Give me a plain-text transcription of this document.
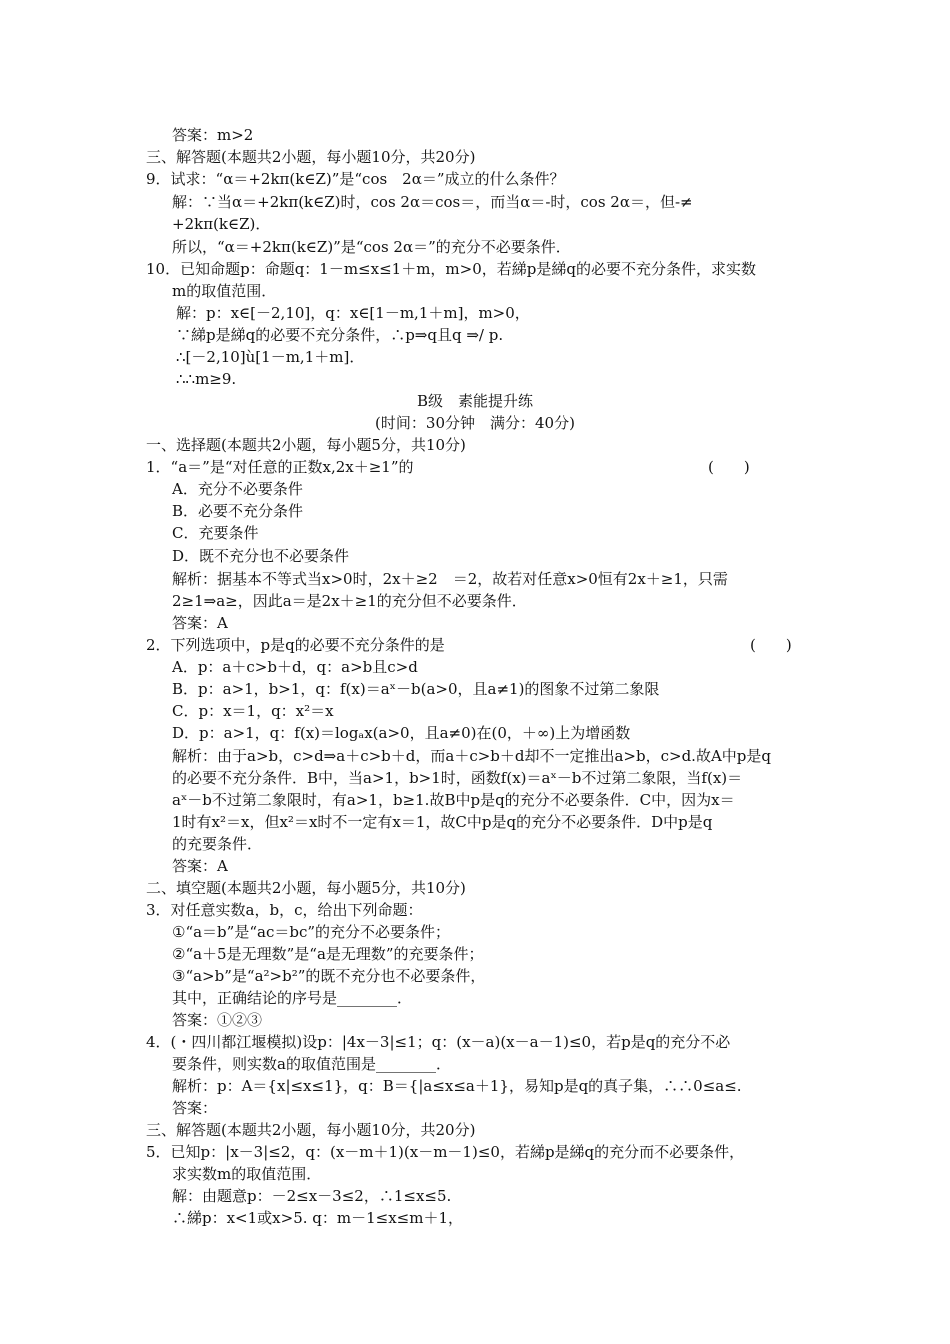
答案：m>2
三、解答题(本题共2小题，每小题10分，共20分)
9．试求：“α＝+2kπ(k∈Z)”是“cos　2α＝”成立的什么条件？
解：∵当α＝+2kπ(k∈Z)时，cos 2α＝cos＝，而当α＝-时，cos 2α＝，但-≠
+2kπ(k∈Z)．
所以，“α＝+2kπ(k∈Z)”是“cos 2α＝”的充分不必要条件．
10．已知命题p：命题q：1－m≤x≤1＋m，m>0，若綈p是綈q的必要不充分条件，求实数
m的取值范围．
解：p：x∈[－2,10]，q：x∈[1－m,1＋m]，m>0，
∵綈p是綈q的必要不充分条件，∴p⇒q且q ⇒/ p.
∴[－2,10]ù[1－m,1＋m]．
∴∴m≥9.
B级　素能提升练
(时间：30分钟　满分：40分)
一、选择题(本题共2小题，每小题5分，共10分)
1．“a＝”是“对任意的正数x,2x＋≥1”的	(　　)
A．充分不必要条件
B．必要不充分条件
C．充要条件
D．既不充分也不必要条件
解析：据基本不等式当x>0时，2x＋≥2　＝2，故若对任意x>0恒有2x＋≥1，只需
2≥1⇒a≥，因此a＝是2x＋≥1的充分但不必要条件．
答案：A
2．下列选项中，p是q的必要不充分条件的是	(　　)
A．p：a＋c>b＋d，q：a>b且c>d
B．p：a>1，b>1，q：f(x)＝aˣ－b(a>0，且a≠1)的图象不过第二象限
C．p：x＝1，q：x²＝x
D．p：a>1，q：f(x)＝logₐx(a>0，且a≠0)在(0，＋∞)上为增函数
解析：由于a>b，c>d⇒a＋c>b＋d，而a＋c>b＋d却不一定推出a>b，c>d.故A中p是q
的必要不充分条件．B中，当a>1，b>1时，函数f(x)＝aˣ－b不过第二象限，当f(x)＝
aˣ－b不过第二象限时，有a>1，b≥1.故B中p是q的充分不必要条件．C中，因为x＝
1时有x²＝x，但x²＝x时不一定有x＝1，故C中p是q的充分不必要条件．D中p是q
的充要条件．
答案：A
二、填空题(本题共2小题，每小题5分，共10分)
3．对任意实数a，b，c，给出下列命题：
①“a＝b”是“ac＝bc”的充分不必要条件；
②“a＋5是无理数”是“a是无理数”的充要条件；
③“a>b”是“a²>b²”的既不充分也不必要条件，
其中，正确结论的序号是________．
答案：①②③
4．(・四川都江堰模拟)设p：|4x－3|≤1；q：(x－a)(x－a－1)≤0，若p是q的充分不必
要条件，则实数a的取值范围是________．
解析：p：A＝{x|≤x≤1}，q：B＝{|a≤x≤a＋1}，易知p是q的真子集，∴∴0≤a≤.
答案：
三、解答题(本题共2小题，每小题10分，共20分)
5．已知p：|x－3|≤2，q：(x－m＋1)(x－m－1)≤0，若綈p是綈q的充分而不必要条件，
求实数m的取值范围．
解：由题意p：－2≤x－3≤2，∴1≤x≤5.
∴綈p：x<1或x>5. q：m－1≤x≤m＋1，
